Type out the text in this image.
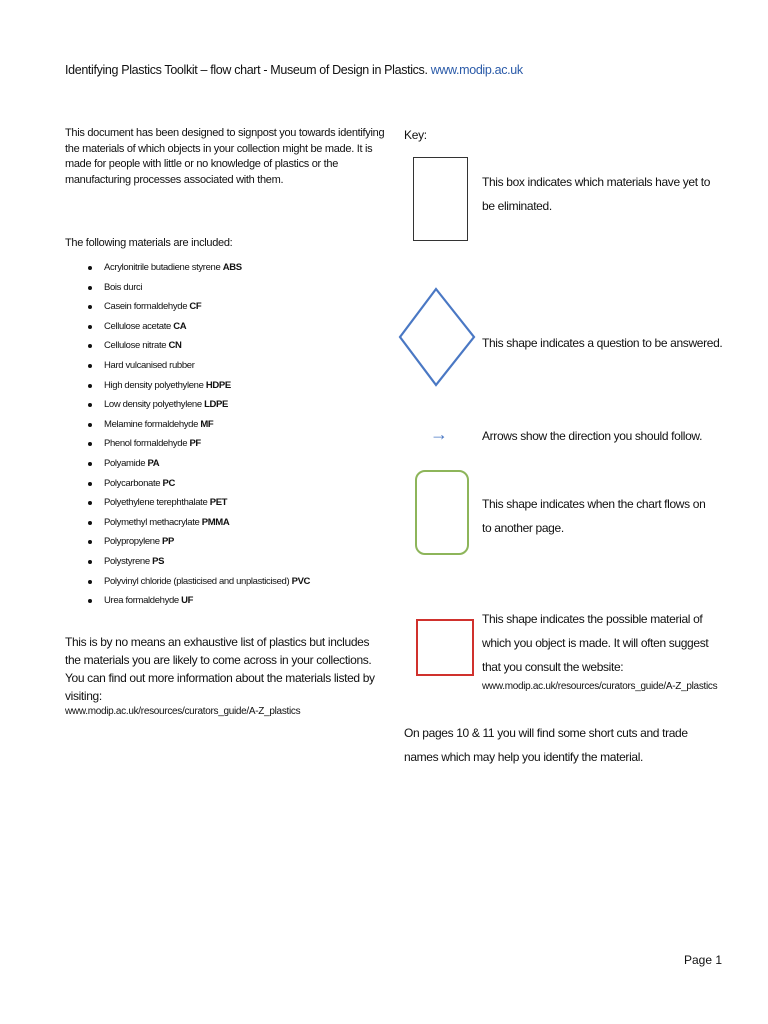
Identifying Plastics Toolkit – flow chart - Museum of Design in Plastics. www.modip.ac.uk
This document has been designed to signpost you towards identifying the materials of which objects in your collection might be made. It is made for people with little or no knowledge of plastics or the manufacturing processes associated with them.
The following materials are included:
Acrylonitrile butadiene styrene ABS
Bois durci
Casein formaldehyde CF
Cellulose acetate CA
Cellulose nitrate CN
Hard vulcanised rubber
High density polyethylene HDPE
Low density polyethylene LDPE
Melamine formaldehyde MF
Phenol formaldehyde PF
Polyamide PA
Polycarbonate PC
Polyethylene terephthalate PET
Polymethyl methacrylate PMMA
Polypropylene PP
Polystyrene PS
Polyvinyl chloride (plasticised and unplasticised) PVC
Urea formaldehyde UF
This is by no means an exhaustive list of plastics but includes the materials you are likely to come across in your collections. You can find out more information about the materials listed by visiting:
www.modip.ac.uk/resources/curators_guide/A-Z_plastics
Key:
This box indicates which materials have yet to be eliminated.
This shape indicates a question to be answered.
→	Arrows show the direction you should follow.
This shape indicates when the chart flows on to another page.
This shape indicates the possible material of which you object is made. It will often suggest that you consult the website:
www.modip.ac.uk/resources/curators_guide/A-Z_plastics
On pages 10 & 11 you will find some short cuts and trade names which may help you identify the material.
Page 1
